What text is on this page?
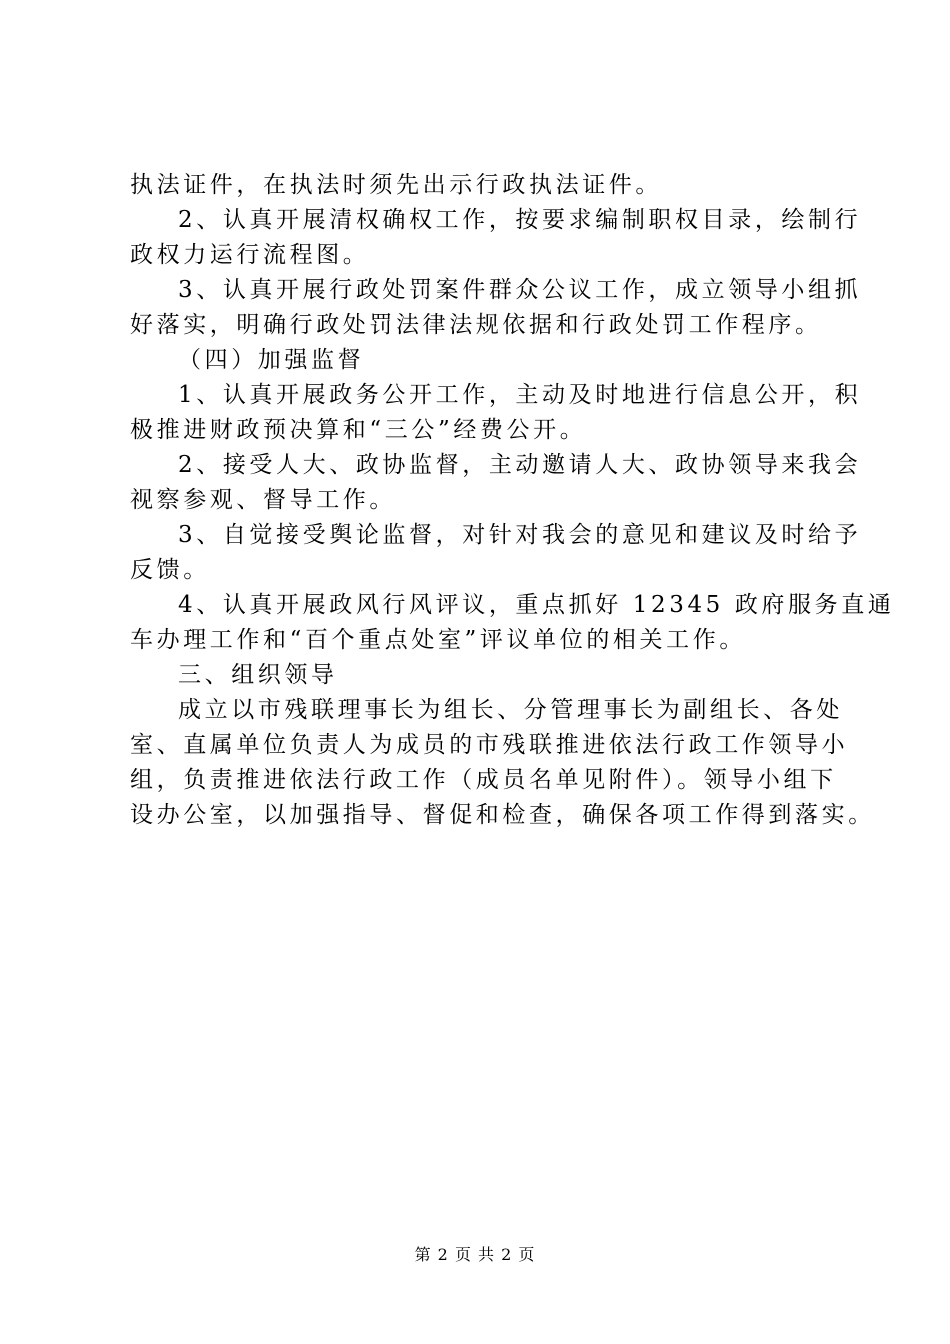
执法证件，在执法时须先出示行政执法证件。
2、认真开展清权确权工作，按要求编制职权目录，绘制行
政权力运行流程图。
3、认真开展行政处罚案件群众公议工作，成立领导小组抓
好落实，明确行政处罚法律法规依据和行政处罚工作程序。
（四）加强监督
1、认真开展政务公开工作，主动及时地进行信息公开，积
极推进财政预决算和“三公”经费公开。
2、接受人大、政协监督，主动邀请人大、政协领导来我会
视察参观、督导工作。
3、自觉接受舆论监督，对针对我会的意见和建议及时给予
反馈。
4、认真开展政风行风评议，重点抓好 12345 政府服务直通
车办理工作和“百个重点处室”评议单位的相关工作。
三、组织领导
成立以市残联理事长为组长、分管理事长为副组长、各处
室、直属单位负责人为成员的市残联推进依法行政工作领导小
组，负责推进依法行政工作（成员名单见附件）。领导小组下
设办公室，以加强指导、督促和检查，确保各项工作得到落实。
第 2 页 共 2 页
